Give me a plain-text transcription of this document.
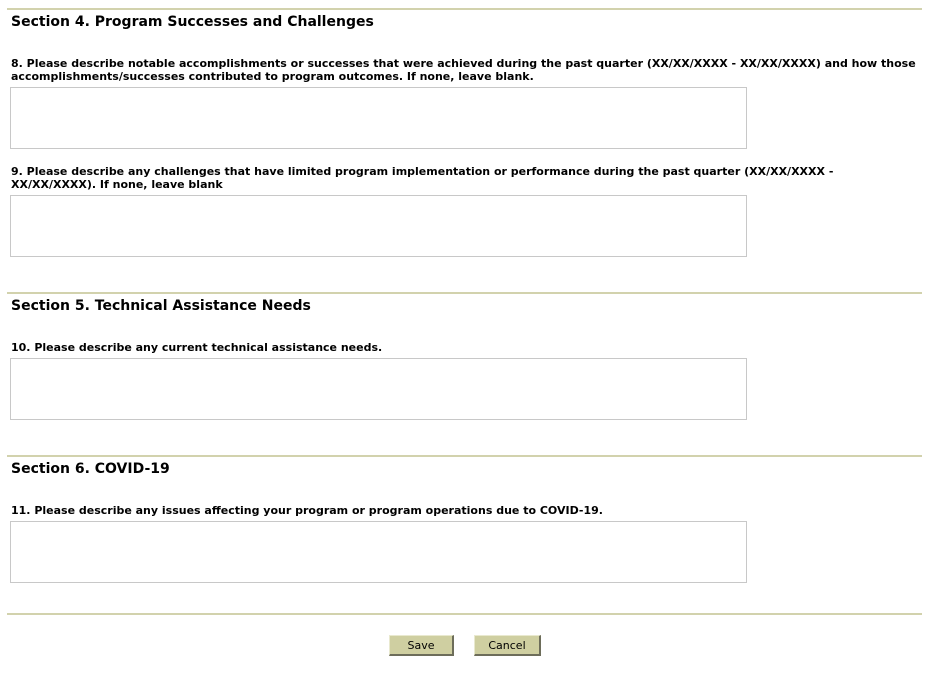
Section 4. Program Successes and Challenges

8. Please describe notable accomplishments or successes that were achieved during the past quarter (XX/XX/XXXX - XX/XX/XXXX) and how those accomplishments/successes contributed to program outcomes. If none, leave blank.

9. Please describe any challenges that have limited program implementation or performance during the past quarter (XX/XX/XXXX - XX/XX/XXXX). If none, leave blank

Section 5. Technical Assistance Needs

10. Please describe any current technical assistance needs.

Section 6. COVID-19

11. Please describe any issues affecting your program or program operations due to COVID-19.

Save	Cancel
